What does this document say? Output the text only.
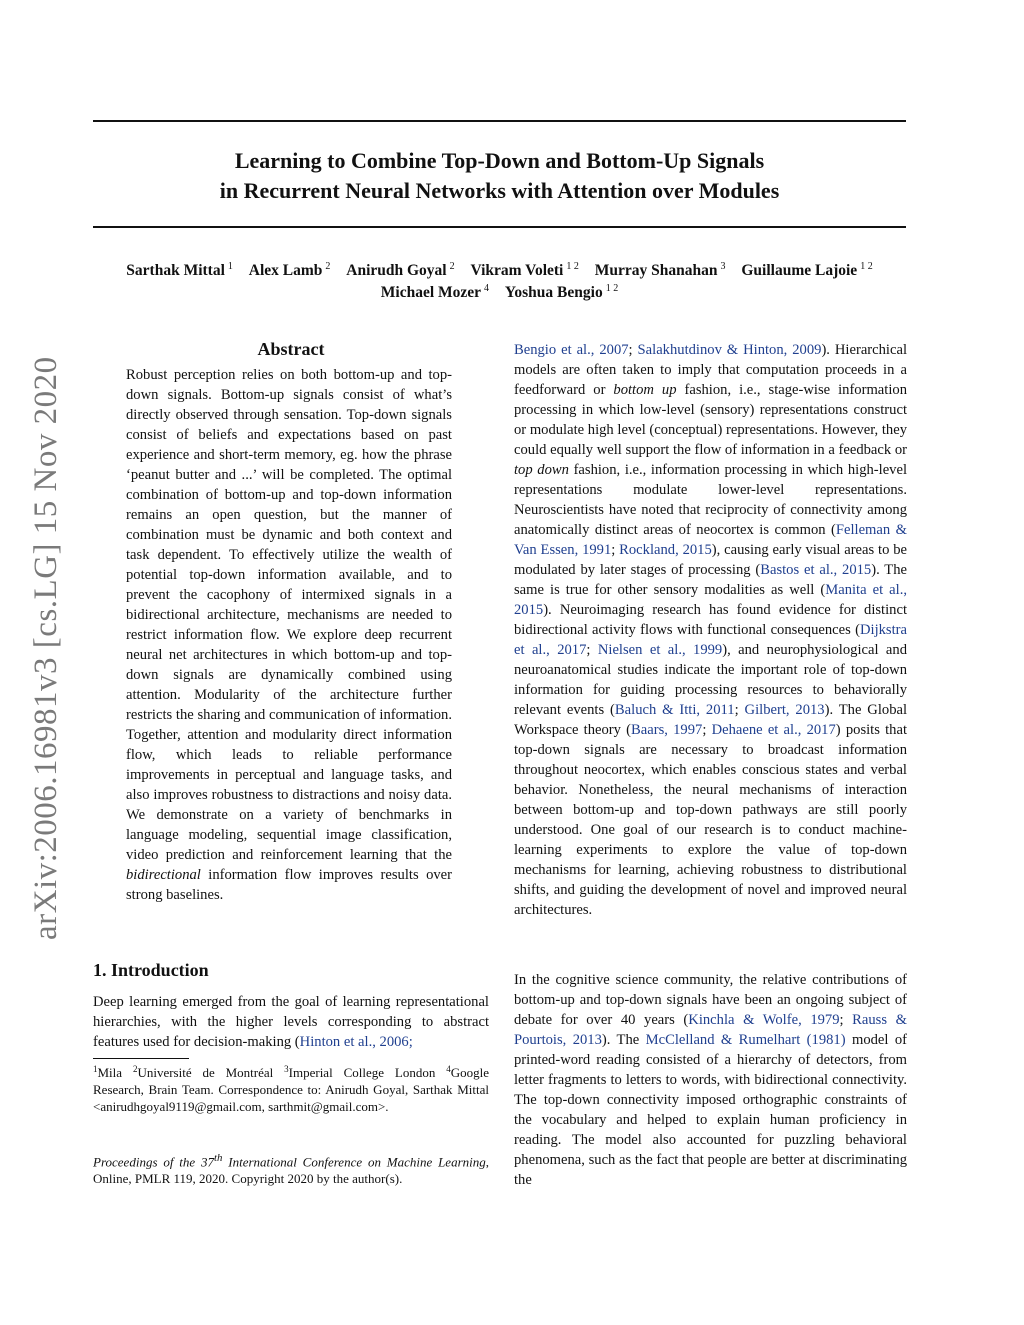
Learning to Combine Top-Down and Bottom-Up Signals
in Recurrent Neural Networks with Attention over Modules
Sarthak Mittal $^1$ Alex Lamb $^2$ Anirudh Goyal $^2$ Vikram Voleti $^{1 2}$ Murray Shanahan $^3$ Guillaume Lajoie $^{1 2}$
Michael Mozer $^4$ Yoshua Bengio $^{1 2}$
arXiv:2006.16981v3 [cs.LG] 15 Nov 2020
Abstract
Robust perception relies on both bottom-up and top-down signals. Bottom-up signals consist of what’s directly observed through sensation. Top-down signals consist of beliefs and expectations based on past experience and short-term memory, eg. how the phrase ‘peanut butter and ...’ will be completed. The optimal combination of bottom-up and top-down information remains an open question, but the manner of combination must be dynamic and both context and task dependent. To effectively utilize the wealth of potential top-down information available, and to prevent the cacophony of intermixed signals in a bidirectional architecture, mechanisms are needed to restrict information flow. We explore deep recurrent neural net architectures in which bottom-up and top-down signals are dynamically combined using attention. Modularity of the architecture further restricts the sharing and communication of information. Together, attention and modularity direct information flow, which leads to reliable performance improvements in perceptual and language tasks, and also improves robustness to distractions and noisy data. We demonstrate on a variety of benchmarks in language modeling, sequential image classification, video prediction and reinforcement learning that the bidirectional information flow improves results over strong baselines.
1. Introduction
Deep learning emerged from the goal of learning representational hierarchies, with the higher levels corresponding to abstract features used for decision-making (Hinton et al., 2006;
$^1$Mila $^2$Université de Montréal $^3$Imperial College London $^4$Google Research, Brain Team. Correspondence to: Anirudh Goyal, Sarthak Mittal <anirudhgoyal9119@gmail.com, sarthmit@gmail.com>.
Proceedings of the 37th International Conference on Machine Learning, Online, PMLR 119, 2020. Copyright 2020 by the author(s).
Bengio et al., 2007; Salakhutdinov & Hinton, 2009). Hierarchical models are often taken to imply that computation proceeds in a feedforward or bottom up fashion, i.e., stage-wise information processing in which low-level (sensory) representations construct or modulate high level (conceptual) representations. However, they could equally well support the flow of information in a feedback or top down fashion, i.e., information processing in which high-level representations modulate lower-level representations. Neuroscientists have noted that reciprocity of connectivity among anatomically distinct areas of neocortex is common (Felleman & Van Essen, 1991; Rockland, 2015), causing early visual areas to be modulated by later stages of processing (Bastos et al., 2015). The same is true for other sensory modalities as well (Manita et al., 2015). Neuroimaging research has found evidence for distinct bidirectional activity flows with functional consequences (Dijkstra et al., 2017; Nielsen et al., 1999), and neurophysiological and neuroanatomical studies indicate the important role of top-down information for guiding processing resources to behaviorally relevant events (Baluch & Itti, 2011; Gilbert, 2013). The Global Workspace theory (Baars, 1997; Dehaene et al., 2017) posits that top-down signals are necessary to broadcast information throughout neocortex, which enables conscious states and verbal behavior. Nonetheless, the neural mechanisms of interaction between bottom-up and top-down pathways are still poorly understood. One goal of our research is to conduct machine-learning experiments to explore the value of top-down mechanisms for learning, achieving robustness to distributional shifts, and guiding the development of novel and improved neural architectures.
In the cognitive science community, the relative contributions of bottom-up and top-down signals have been an ongoing subject of debate for over 40 years (Kinchla & Wolfe, 1979; Rauss & Pourtois, 2013). The McClelland & Rumelhart (1981) model of printed-word reading consisted of a hierarchy of detectors, from letter fragments to letters to words, with bidirectional connectivity. The top-down connectivity imposed orthographic constraints of the vocabulary and helped to explain human proficiency in reading. The model also accounted for puzzling behavioral phenomena, such as the fact that people are better at discriminating the
